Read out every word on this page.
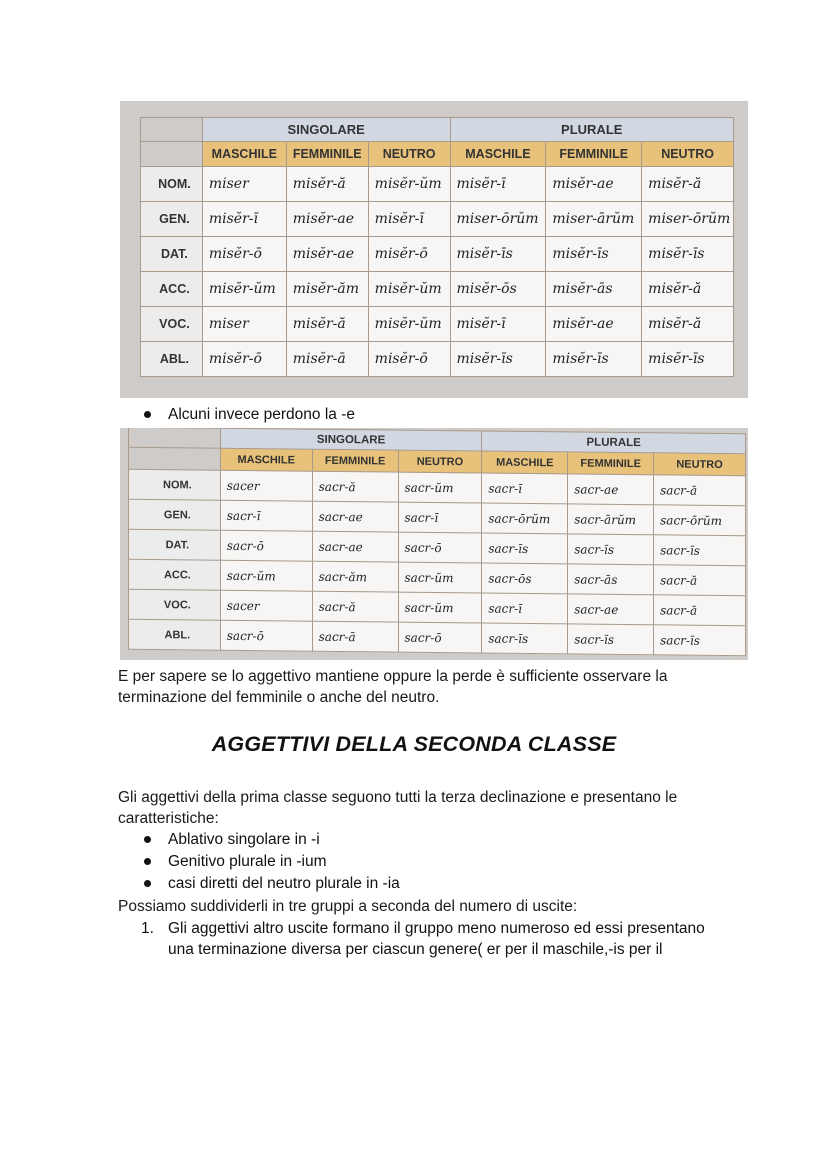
	SINGOLARE			PLURALE		
	MASCHILE	FEMMINILE	NEUTRO	MASCHILE	FEMMINILE	NEUTRO
NOM.	miser	misĕr-ă	misĕr-ŭm	misĕr-ī	misĕr-ae	misĕr-ă
GEN.	misĕr-ī	misĕr-ae	misĕr-ī	miser-ōrŭm	miser-ārŭm	miser-ōrŭm
DAT.	misĕr-ō	misĕr-ae	misĕr-ō	misĕr-īs	misĕr-īs	misĕr-īs
ACC.	misĕr-ŭm	misĕr-ăm	misĕr-ŭm	misĕr-ōs	misĕr-ās	misĕr-ă
VOC.	miser	misĕr-ă	misĕr-ŭm	misĕr-ī	misĕr-ae	misĕr-ă
ABL.	misĕr-ō	misĕr-ā	misĕr-ō	misĕr-īs	misĕr-īs	misĕr-īs
Alcuni invece perdono la -e
	SINGOLARE			PLURALE		
	MASCHILE	FEMMINILE	NEUTRO	MASCHILE	FEMMINILE	NEUTRO
NOM.	sacer	sacr-ă	sacr-ŭm	sacr-ī	sacr-ae	sacr-ă
GEN.	sacr-ī	sacr-ae	sacr-ī	sacr-ōrŭm	sacr-ārŭm	sacr-ōrŭm
DAT.	sacr-ō	sacr-ae	sacr-ō	sacr-īs	sacr-īs	sacr-īs
ACC.	sacr-ŭm	sacr-ăm	sacr-ŭm	sacr-ōs	sacr-ās	sacr-ă
VOC.	sacer	sacr-ă	sacr-ŭm	sacr-ī	sacr-ae	sacr-ă
ABL.	sacr-ō	sacr-ā	sacr-ō	sacr-īs	sacr-īs	sacr-īs
E per sapere se lo aggettivo mantiene oppure la perde è sufficiente osservare la
terminazione del femminile o anche del neutro.
AGGETTIVI DELLA SECONDA CLASSE
Gli aggettivi della prima classe seguono tutti la terza declinazione e presentano le
caratteristiche:
Ablativo singolare in -i
Genitivo plurale in -ium
casi diretti del neutro plurale in -ia
Possiamo suddividerli in tre gruppi a seconda del numero di uscite:
1. Gli aggettivi altro uscite formano il gruppo meno numeroso ed essi presentano
una terminazione diversa per ciascun genere( er per il maschile,-is per il
